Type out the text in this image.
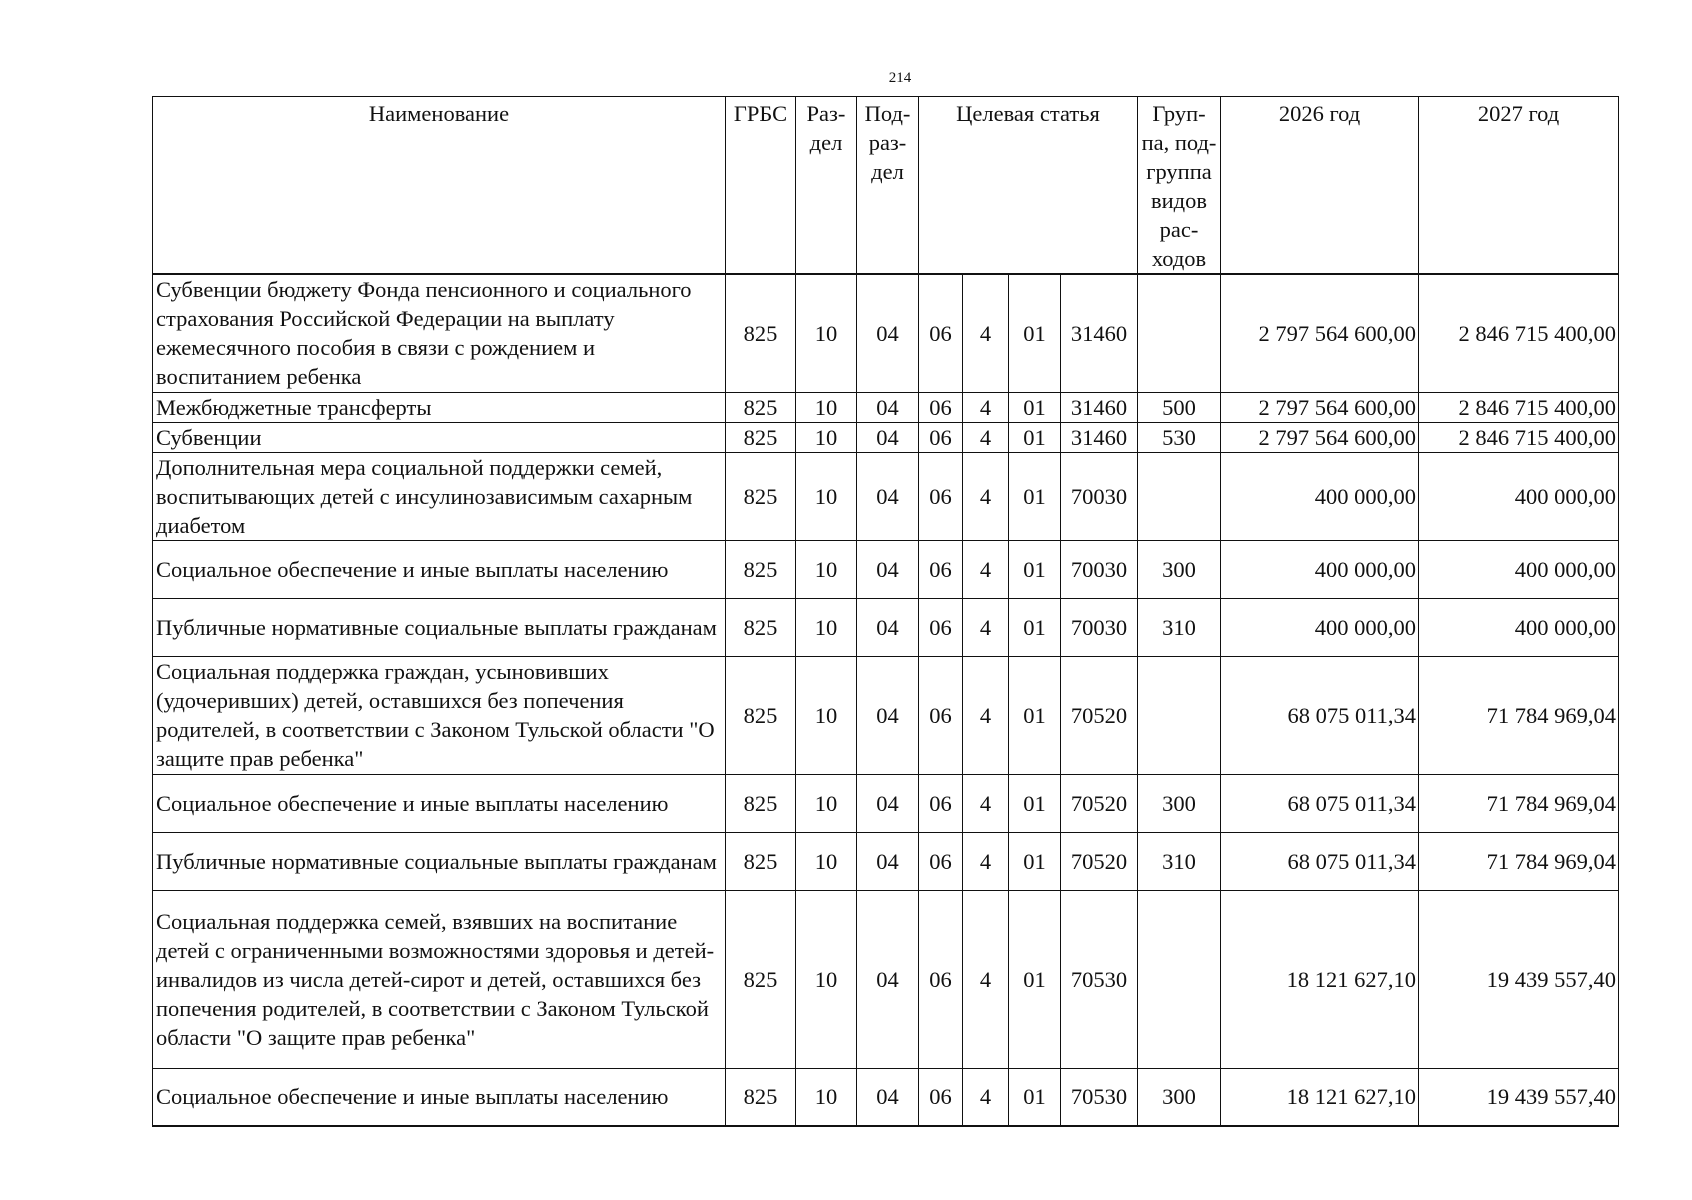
214
Наименование	ГРБС	Раз-дел	Под-раз-дел	Целевая статья				Груп-па, под-группа видов рас-ходов	2026 год	2027 год
Субвенции бюджету Фонда пенсионного и социального страхования Российской Федерации на выплату ежемесячного пособия в связи с рождением и воспитанием ребенка	825	10	04	06	4	01	31460		2 797 564 600,00	2 846 715 400,00
Межбюджетные трансферты	825	10	04	06	4	01	31460	500	2 797 564 600,00	2 846 715 400,00
Субвенции	825	10	04	06	4	01	31460	530	2 797 564 600,00	2 846 715 400,00
Дополнительная мера социальной поддержки семей, воспитывающих детей с инсулинозависимым сахарным диабетом	825	10	04	06	4	01	70030		400 000,00	400 000,00
Социальное обеспечение и иные выплаты населению	825	10	04	06	4	01	70030	300	400 000,00	400 000,00
Публичные нормативные социальные выплаты гражданам	825	10	04	06	4	01	70030	310	400 000,00	400 000,00
Социальная поддержка граждан, усыновивших (удочеривших) детей, оставшихся без попечения родителей, в соответствии с Законом Тульской области "О защите прав ребенка"	825	10	04	06	4	01	70520		68 075 011,34	71 784 969,04
Социальное обеспечение и иные выплаты населению	825	10	04	06	4	01	70520	300	68 075 011,34	71 784 969,04
Публичные нормативные социальные выплаты гражданам	825	10	04	06	4	01	70520	310	68 075 011,34	71 784 969,04
Социальная поддержка семей, взявших на воспитание детей с ограниченными возможностями здоровья и детей-инвалидов из числа детей-сирот и детей, оставшихся без попечения родителей, в соответствии с Законом Тульской области "О защите прав ребенка"	825	10	04	06	4	01	70530		18 121 627,10	19 439 557,40
Социальное обеспечение и иные выплаты населению	825	10	04	06	4	01	70530	300	18 121 627,10	19 439 557,40
